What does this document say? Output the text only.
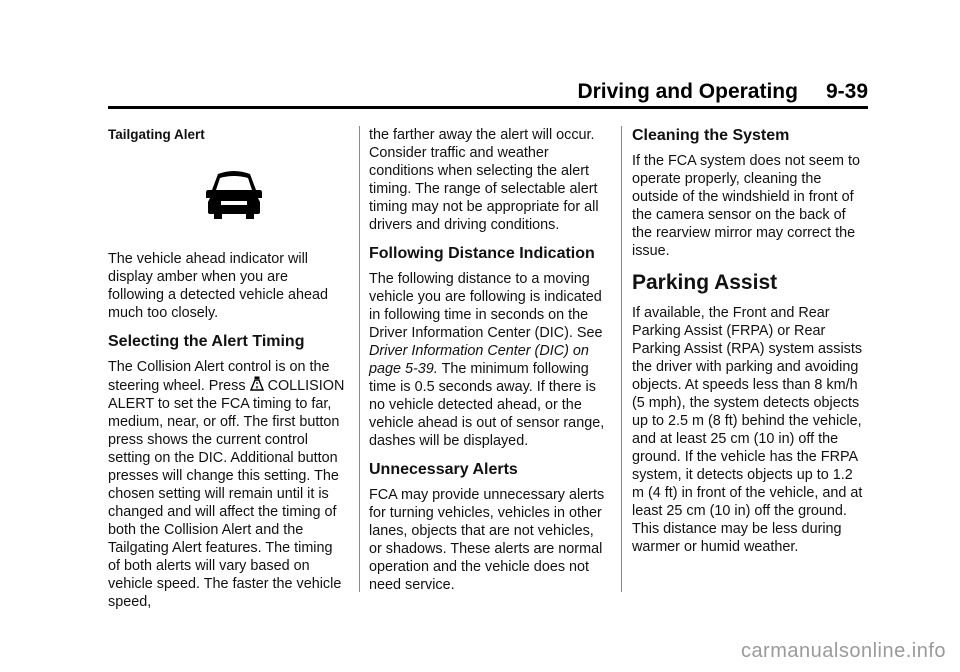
Driving and Operating 9-39

Tailgating Alert

The vehicle ahead indicator will display amber when you are following a detected vehicle ahead much too closely.

Selecting the Alert Timing

The Collision Alert control is on the steering wheel. Press COLLISION ALERT to set the FCA timing to far, medium, near, or off. The first button press shows the current control setting on the DIC. Additional button presses will change this setting. The chosen setting will remain until it is changed and will affect the timing of both the Collision Alert and the Tailgating Alert features. The timing of both alerts will vary based on vehicle speed. The faster the vehicle speed,

the farther away the alert will occur. Consider traffic and weather conditions when selecting the alert timing. The range of selectable alert timing may not be appropriate for all drivers and driving conditions.

Following Distance Indication

The following distance to a moving vehicle you are following is indicated in following time in seconds on the Driver Information Center (DIC). See Driver Information Center (DIC) on page 5-39. The minimum following time is 0.5 seconds away. If there is no vehicle detected ahead, or the vehicle ahead is out of sensor range, dashes will be displayed.

Unnecessary Alerts

FCA may provide unnecessary alerts for turning vehicles, vehicles in other lanes, objects that are not vehicles, or shadows. These alerts are normal operation and the vehicle does not need service.

Cleaning the System

If the FCA system does not seem to operate properly, cleaning the outside of the windshield in front of the camera sensor on the back of the rearview mirror may correct the issue.

Parking Assist

If available, the Front and Rear Parking Assist (FRPA) or Rear Parking Assist (RPA) system assists the driver with parking and avoiding objects. At speeds less than 8 km/h (5 mph), the system detects objects up to 2.5 m (8 ft) behind the vehicle, and at least 25 cm (10 in) off the ground. If the vehicle has the FRPA system, it detects objects up to 1.2 m (4 ft) in front of the vehicle, and at least 25 cm (10 in) off the ground. This distance may be less during warmer or humid weather.

carmanualsonline.info
